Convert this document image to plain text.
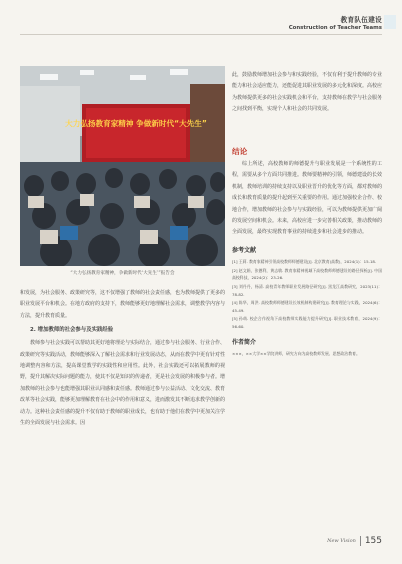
教育队伍建设
Construction of Teacher Teams
大力弘扬教育家精神 争做新时代“大先生”
“大力弘扬教育家精神，争做新时代‘大先生’”报告会

和发展，为社会服务、政策研究等，这不仅增强了教师的社会责任感，也为教师提供了更多的职业发展平台和机会。在地方政府的支持下，教师能够更好地理解社会需求，调整教学内容与方法，提升教育质量。

2. 增加教师的社会参与及实践经验

教师参与社会实践可以帮助其更好地将理论与实际结合，通过参与社会服务、行业合作、政策研究等实践活动，教师能够深入了解社会需求和行业发展动态，从而在教学中更有针对性地调整内容和方法，提高课堂教学的实践性和应用性。此外，社会实践还可以拓展教师的视野，提升其解决实际问题的能力，使其不仅是知识的传递者，更是社会发展的积极参与者。增加教师的社会参与也能增强其职业认同感和责任感。教师通过参与公益活动、文化交流、教育改革等社会实践，能够更加理解教育在社会中的作用和意义，进而激发其不断追求教学创新的动力。这种社会责任感的提升不仅有助于教师的职业成长，也有助于他们在教学中更加关注学生的全面发展与社会需求。因

此，鼓励教师增加社会参与和实践经验，不仅有利于提升教师的专业能力和社会适应能力，还能促进其职业发展的多元化和深度。高校应为教师提供更多的社会实践机会和平台，支持教师在教学与社会服务之间找到平衡，实现个人和社会的共同发展。

结论

综上所述，高校教师的师德提升与职业发展是一个系统性的工程，需要从多个方面共同推进。教师要精神的引领，师德建设的长效机制，教师培训的持续支持以及职业晋升的优化等方面，都对教师的成长和教育质量的提升起到至关重要的作用。通过加强校企合作、校地合作，增加教师的社会参与与实践经验，可以为教师提供更加广阔的发展空间和机会。未来，高校应进一步完善相关政策，推动教师的全面发展，最终实现教育事业的持续进步和社会进步的推动。

参考文献
[1] 王莉. 教育家精神引领高校教师师德建设[J]. 北京教育(高教)，2024(1)：15-18.
[2] 赵文娟，张德利，黄志敏. 教育家精神视域下高校教师师德建设的路径探析[J]. 中国高校科技，2024(2)：23-26.
[3] 刘丹丹，杨清. 高校青年教师职业发展路径研究[J]. 黑龙江高教研究，2023(11)：78-82.
[4] 陈华，周洪. 高校教师师德建设长效机制构建研究[J]. 教育理论与实践，2024(6)：45-49.
[5] 孙萌. 校企合作视角下高校教师实践能力提升研究[J]. 职业技术教育，2024(9)：56-60.
作者简介
×××，××大学××学院讲师，研究方向为高校教师发展、思想政治教育。
New Vision 155
